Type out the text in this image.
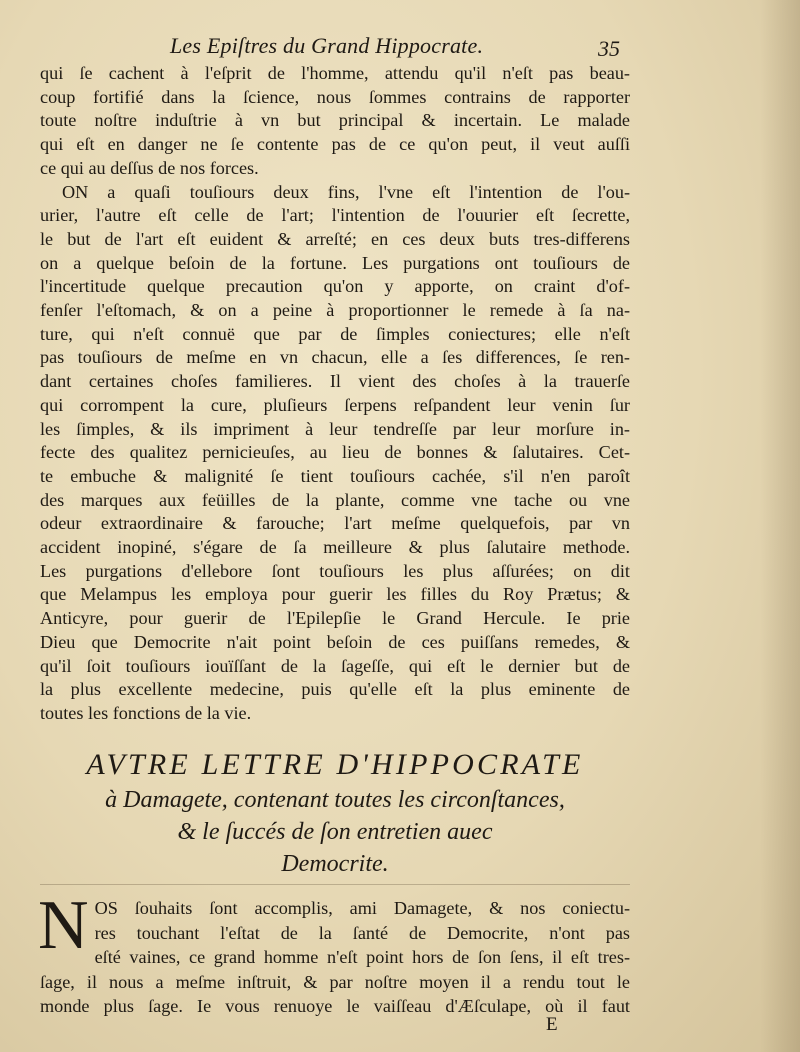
Les Epiſtres du Grand Hippocrate.	35
qui ſe cachent à l'eſprit de l'homme, attendu qu'il n'eſt pas beau-
coup fortifié dans la ſcience, nous ſommes contrains de rapporter
toute noſtre induſtrie à vn but principal & incertain. Le malade
qui eſt en danger ne ſe contente pas de ce qu'on peut, il veut auſſi
ce qui au deſſus de nos forces.
ON a quaſi touſiours deux fins, l'vne eſt l'intention de l'ou-
urier, l'autre eſt celle de l'art; l'intention de l'ouurier eſt ſecrette,
le but de l'art eſt euident & arreſté; en ces deux buts tres-differens
on a quelque beſoin de la fortune. Les purgations ont touſiours de
l'incertitude quelque precaution qu'on y apporte, on craint d'of-
fenſer l'eſtomach, & on a peine à proportionner le remede à ſa na-
ture, qui n'eſt connuë que par de ſimples coniectures; elle n'eſt
pas touſiours de meſme en vn chacun, elle a ſes differences, ſe ren-
dant certaines choſes familieres. Il vient des choſes à la trauerſe
qui corrompent la cure, pluſieurs ſerpens reſpandent leur venin ſur
les ſimples, & ils impriment à leur tendreſſe par leur morſure in-
fecte des qualitez pernicieuſes, au lieu de bonnes & ſalutaires. Cet-
te embuche & malignité ſe tient touſiours cachée, s'il n'en paroît
des marques aux feüilles de la plante, comme vne tache ou vne
odeur extraordinaire & farouche; l'art meſme quelquefois, par vn
accident inopiné, s'égare de ſa meilleure & plus ſalutaire methode.
Les purgations d'ellebore ſont touſiours les plus aſſurées; on dit
que Melampus les employa pour guerir les filles du Roy Prætus; &
Anticyre, pour guerir de l'Epilepſie le Grand Hercule. Ie prie
Dieu que Democrite n'ait point beſoin de ces puiſſans remedes, &
qu'il ſoit touſiours iouïſſant de la ſageſſe, qui eſt le dernier but de
la plus excellente medecine, puis qu'elle eſt la plus eminente de
toutes les fonctions de la vie.
AVTRE LETTRE D'HIPPOCRATE
à Damagete, contenant toutes les circonſtances,
& le ſuccés de ſon entretien auec
Democrite.
N OS ſouhaits ſont accomplis, ami Damagete, & nos coniectu-
res touchant l'eſtat de la ſanté de Democrite, n'ont pas
eſté vaines, ce grand homme n'eſt point hors de ſon ſens, il eſt tres-
ſage, il nous a meſme inſtruit, & par noſtre moyen il a rendu tout le
monde plus ſage. Ie vous renuoye le vaiſſeau d'Æſculape, où il faut
E
